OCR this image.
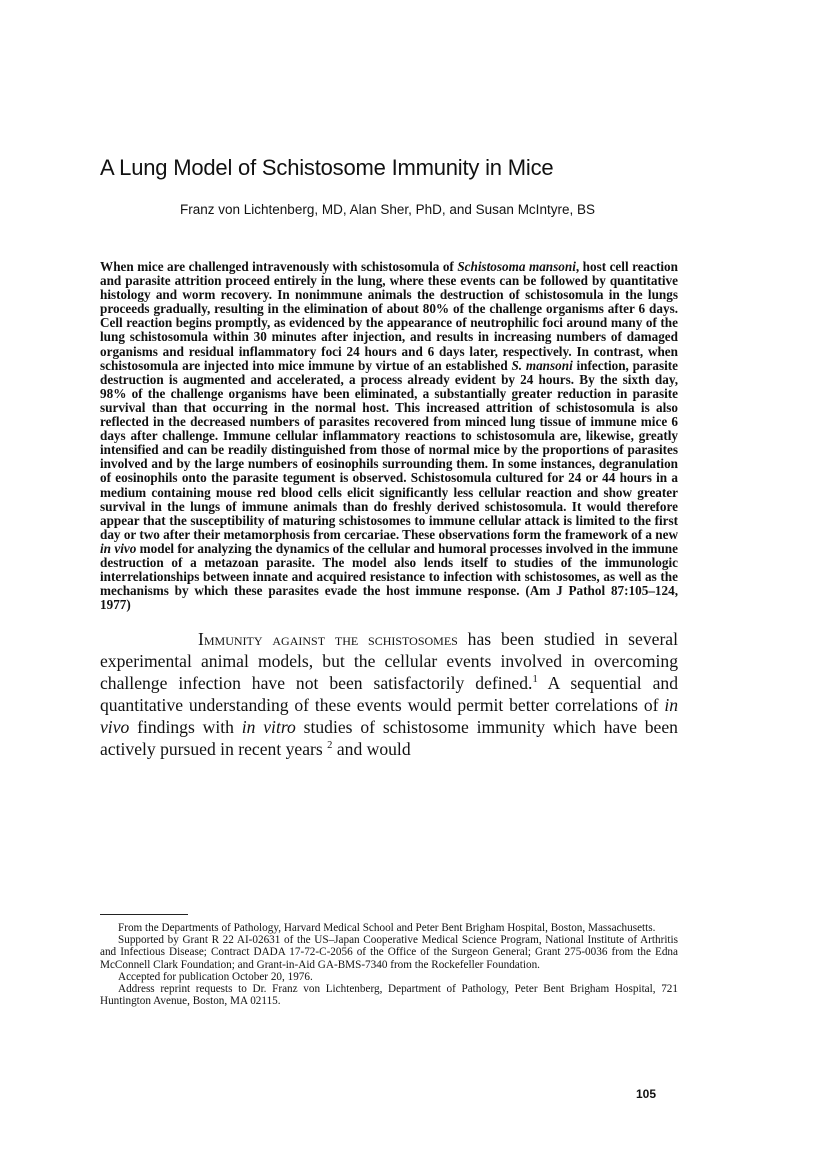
A Lung Model of Schistosome Immunity in Mice
Franz von Lichtenberg, MD, Alan Sher, PhD, and Susan McIntyre, BS

When mice are challenged intravenously with schistosomula of Schistosoma mansoni, host cell reaction and parasite attrition proceed entirely in the lung, where these events can be followed by quantitative histology and worm recovery. In nonimmune animals the destruction of schistosomula in the lungs proceeds gradually, resulting in the elimination of about 80% of the challenge organisms after 6 days. Cell reaction begins promptly, as evidenced by the appearance of neutrophilic foci around many of the lung schistosomula within 30 minutes after injection, and results in increasing numbers of damaged organisms and residual inflammatory foci 24 hours and 6 days later, respectively. In contrast, when schistosomula are injected into mice immune by virtue of an established S. mansoni infection, parasite destruction is augmented and accelerated, a process already evident by 24 hours. By the sixth day, 98% of the challenge organisms have been eliminated, a substantially greater reduction in parasite survival than that occurring in the normal host. This increased attrition of schistosomula is also reflected in the decreased numbers of parasites recovered from minced lung tissue of immune mice 6 days after challenge. Immune cellular inflammatory reactions to schistosomula are, likewise, greatly intensified and can be readily distinguished from those of normal mice by the proportions of parasites involved and by the large numbers of eosinophils surrounding them. In some instances, degranulation of eosinophils onto the parasite tegument is observed. Schistosomula cultured for 24 or 44 hours in a medium containing mouse red blood cells elicit significantly less cellular reaction and show greater survival in the lungs of immune animals than do freshly derived schistosomula. It would therefore appear that the susceptibility of maturing schistosomes to immune cellular attack is limited to the first day or two after their metamorphosis from cercariae. These observations form the framework of a new in vivo model for analyzing the dynamics of the cellular and humoral processes involved in the immune destruction of a metazoan parasite. The model also lends itself to studies of the immunologic interrelationships between innate and acquired resistance to infection with schistosomes, as well as the mechanisms by which these parasites evade the host immune response. (Am J Pathol 87:105–124, 1977)

Immunity against the schistosomes has been studied in several experimental animal models, but the cellular events involved in overcoming challenge infection have not been satisfactorily defined.$^1$ A sequential and quantitative understanding of these events would permit better correlations of in vivo findings with in vitro studies of schistosome immunity which have been actively pursued in recent years $^2$ and would

From the Departments of Pathology, Harvard Medical School and Peter Bent Brigham Hospital, Boston, Massachusetts.

Supported by Grant R 22 AI-02631 of the US–Japan Cooperative Medical Science Program, National Institute of Arthritis and Infectious Disease; Contract DADA 17-72-C-2056 of the Office of the Surgeon General; Grant 275-0036 from the Edna McConnell Clark Foundation; and Grant-in-Aid GA-BMS-7340 from the Rockefeller Foundation.

Accepted for publication October 20, 1976.

Address reprint requests to Dr. Franz von Lichtenberg, Department of Pathology, Peter Bent Brigham Hospital, 721 Huntington Avenue, Boston, MA 02115.

105
